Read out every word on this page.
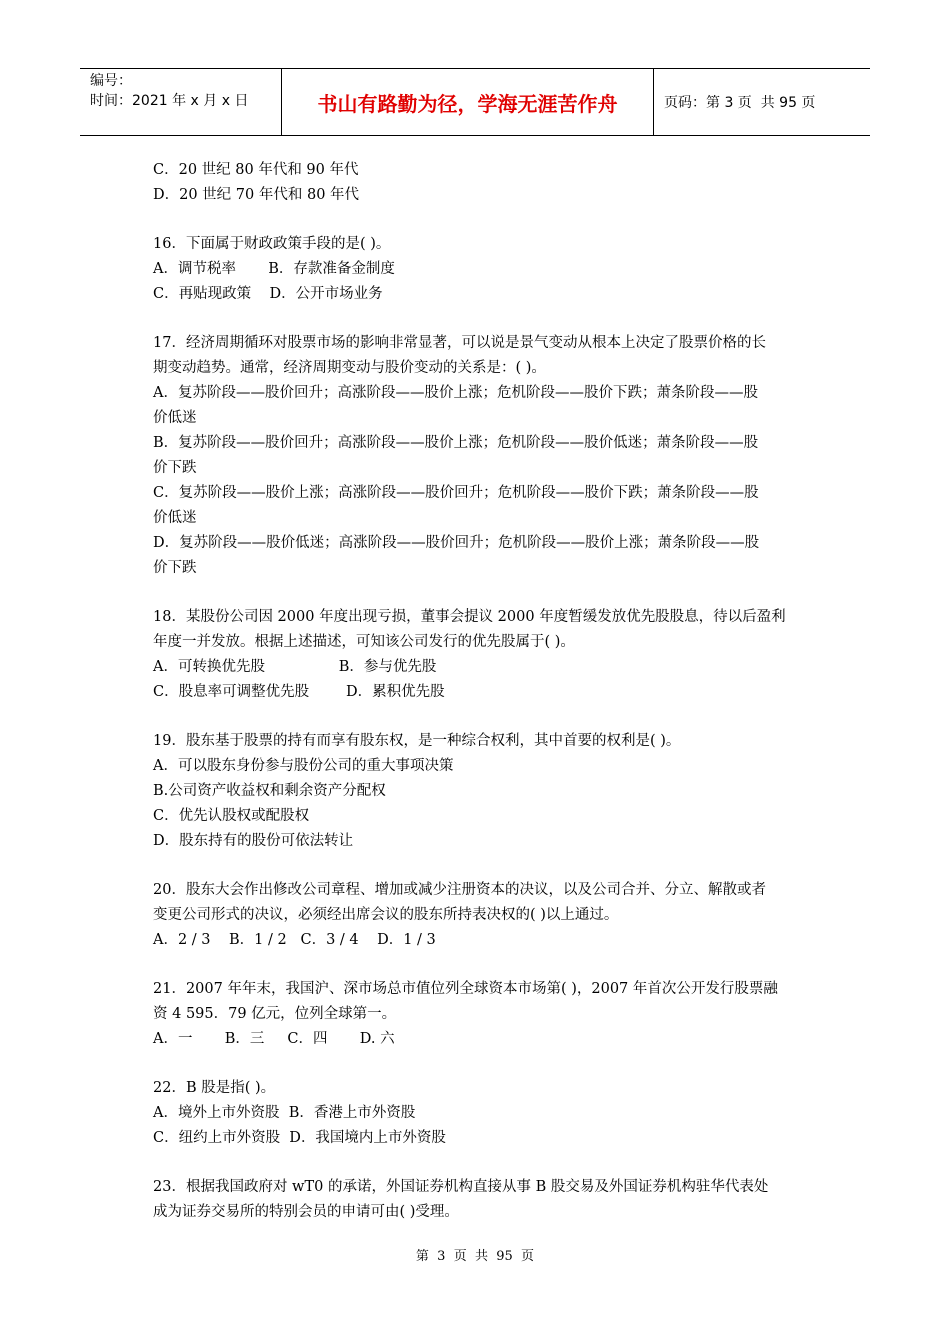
编号：
时间：2021 年 x 月 x 日	书山有路勤为径，学海无涯苦作舟	页码：第 3 页  共 95 页
C．20 世纪 80 年代和 90 年代
D．20 世纪 70 年代和 80 年代
16．下面属于财政政策手段的是( )。
A．调节税率       B．存款准备金制度
C．再贴现政策    D．公开市场业务
17．经济周期循环对股票市场的影响非常显著，可以说是景气变动从根本上决定了股票价格的长
期变动趋势。通常，经济周期变动与股价变动的关系是：( )。
A．复苏阶段——股价回升；高涨阶段——股价上涨；危机阶段——股价下跌；萧条阶段——股
价低迷
B．复苏阶段——股价回升；高涨阶段——股价上涨；危机阶段——股价低迷；萧条阶段——股
价下跌
C．复苏阶段——股价上涨；高涨阶段——股价回升；危机阶段——股价下跌；萧条阶段——股
价低迷
D．复苏阶段——股价低迷；高涨阶段——股价回升；危机阶段——股价上涨；萧条阶段——股
价下跌
18．某股份公司因 2000 年度出现亏损，董事会提议 2000 年度暂缓发放优先股股息，待以后盈利
年度一并发放。根据上述描述，可知该公司发行的优先股属于( )。
A．可转换优先股                B．参与优先股
C．股息率可调整优先股        D．累积优先股
19．股东基于股票的持有而享有股东权，是一种综合权利，其中首要的权利是( )。
A．可以股东身份参与股份公司的重大事项决策
B.公司资产收益权和剩余资产分配权
C．优先认股权或配股权
D．股东持有的股份可依法转让
20．股东大会作出修改公司章程、增加或减少注册资本的决议，以及公司合并、分立、解散或者
变更公司形式的决议，必须经出席会议的股东所持表决权的( )以上通过。
A．2 / 3    B．1 / 2   C．3 / 4    D．1 / 3
21．2007 年年末，我国沪、深市场总市值位列全球资本市场第( )，2007 年首次公开发行股票融
资 4 595．79 亿元，位列全球第一。
A．一       B．三     C．四       D. 六
22．B 股是指( )。
A．境外上市外资股  B．香港上市外资股
C．纽约上市外资股  D．我国境内上市外资股
23．根据我国政府对 wT0 的承诺，外国证券机构直接从事 B 股交易及外国证券机构驻华代表处
成为证券交易所的特别会员的申请可由( )受理。
第  3  页  共  95  页
